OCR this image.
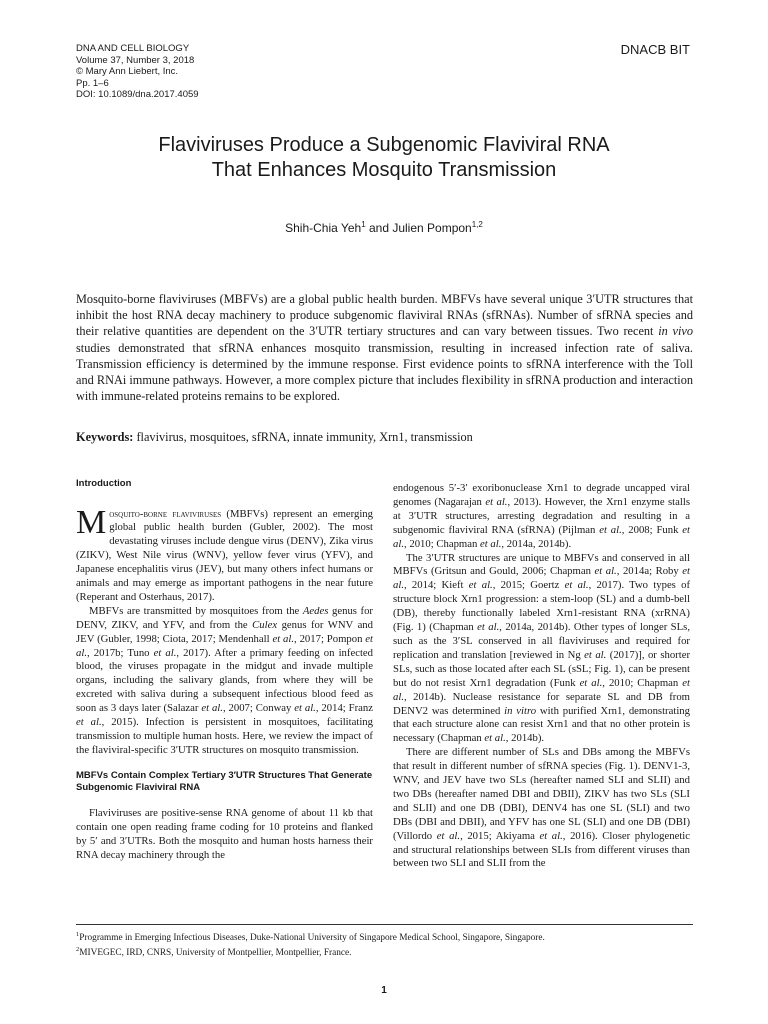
DNA AND CELL BIOLOGY
Volume 37, Number 3, 2018
© Mary Ann Liebert, Inc.
Pp. 1–6
DOI: 10.1089/dna.2017.4059
DNACB BIT
Flaviviruses Produce a Subgenomic Flaviviral RNA
That Enhances Mosquito Transmission
Shih-Chia Yeh$^1$ and Julien Pompon$^{1,2}$
Mosquito-borne flaviviruses (MBFVs) are a global public health burden. MBFVs have several unique 3′UTR structures that inhibit the host RNA decay machinery to produce subgenomic flaviviral RNAs (sfRNAs). Number of sfRNA species and their relative quantities are dependent on the 3′UTR tertiary structures and can vary between tissues. Two recent in vivo studies demonstrated that sfRNA enhances mosquito transmission, resulting in increased infection rate of saliva. Transmission efficiency is determined by the immune response. First evidence points to sfRNA interference with the Toll and RNAi immune pathways. However, a more complex picture that includes flexibility in sfRNA production and interaction with immune-related proteins remains to be explored.
Keywords: flavivirus, mosquitoes, sfRNA, innate immunity, Xrn1, transmission
Introduction

Mosquito-borne flaviviruses (MBFVs) represent an emerging global public health burden (Gubler, 2002). The most devastating viruses include dengue virus (DENV), Zika virus (ZIKV), West Nile virus (WNV), yellow fever virus (YFV), and Japanese encephalitis virus (JEV), but many others infect humans or animals and may emerge as important pathogens in the near future (Reperant and Osterhaus, 2017).

MBFVs are transmitted by mosquitoes from the Aedes genus for DENV, ZIKV, and YFV, and from the Culex genus for WNV and JEV (Gubler, 1998; Ciota, 2017; Mendenhall et al., 2017; Pompon et al., 2017b; Tuno et al., 2017). After a primary feeding on infected blood, the viruses propagate in the midgut and invade multiple organs, including the salivary glands, from where they will be excreted with saliva during a subsequent infectious blood feed as soon as 3 days later (Salazar et al., 2007; Conway et al., 2014; Franz et al., 2015). Infection is persistent in mosquitoes, facilitating transmission to multiple human hosts. Here, we review the impact of the flaviviral-specific 3′UTR structures on mosquito transmission.

MBFVs Contain Complex Tertiary 3′UTR Structures That Generate Subgenomic Flaviviral RNA

Flaviviruses are positive-sense RNA genome of about 11 kb that contain one open reading frame coding for 10 proteins and flanked by 5′ and 3′UTRs. Both the mosquito and human hosts harness their RNA decay machinery through the

endogenous 5′-3′ exoribonuclease Xrn1 to degrade uncapped viral genomes (Nagarajan et al., 2013). However, the Xrn1 enzyme stalls at 3′UTR structures, arresting degradation and resulting in a subgenomic flaviviral RNA (sfRNA) (Pijlman et al., 2008; Funk et al., 2010; Chapman et al., 2014a, 2014b).

The 3′UTR structures are unique to MBFVs and conserved in all MBFVs (Gritsun and Gould, 2006; Chapman et al., 2014a; Roby et al., 2014; Kieft et al., 2015; Goertz et al., 2017). Two types of structure block Xrn1 progression: a stem-loop (SL) and a dumb-bell (DB), thereby functionally labeled Xrn1-resistant RNA (xrRNA) (Fig. 1) (Chapman et al., 2014a, 2014b). Other types of longer SLs, such as the 3′SL conserved in all flaviviruses and required for replication and translation [reviewed in Ng et al. (2017)], or shorter SLs, such as those located after each SL (sSL; Fig. 1), can be present but do not resist Xrn1 degradation (Funk et al., 2010; Chapman et al., 2014b). Nuclease resistance for separate SL and DB from DENV2 was determined in vitro with purified Xrn1, demonstrating that each structure alone can resist Xrn1 and that no other protein is necessary (Chapman et al., 2014b).

There are different number of SLs and DBs among the MBFVs that result in different number of sfRNA species (Fig. 1). DENV1-3, WNV, and JEV have two SLs (hereafter named SLI and SLII) and two DBs (hereafter named DBI and DBII), ZIKV has two SLs (SLI and SLII) and one DB (DBI), DENV4 has one SL (SLI) and two DBs (DBI and DBII), and YFV has one SL (SLI) and one DB (DBI) (Villordo et al., 2015; Akiyama et al., 2016). Closer phylogenetic and structural relationships between SLIs from different viruses than between two SLI and SLII from the

$^1$Programme in Emerging Infectious Diseases, Duke-National University of Singapore Medical School, Singapore, Singapore.
$^2$MIVEGEC, IRD, CNRS, University of Montpellier, Montpellier, France.
1
